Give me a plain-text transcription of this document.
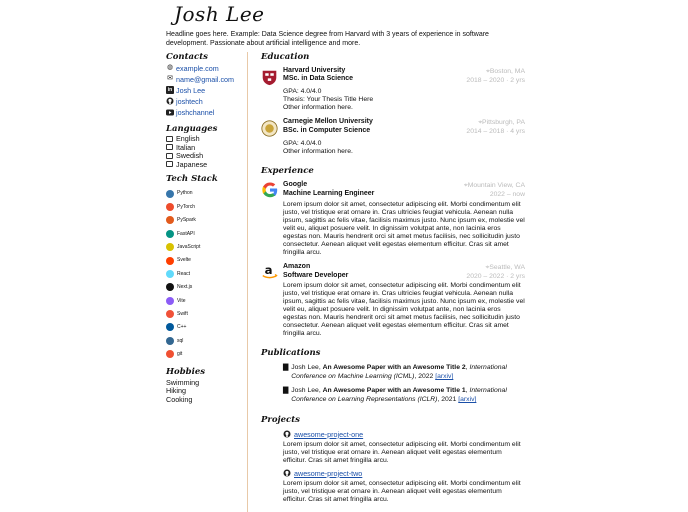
Josh Lee
Headline goes here. Example: Data Science degree from Harvard with 3 years of experience in software development. Passionate about artificial intelligence and more.
Contacts
◍ example.com
✉ name@gmail.com
in Josh Lee
joshtech
joshchannel
Languages
English
Italian
Swedish
Japanese
Tech Stack
Python
PyTorch
PySpark
FastAPI
JavaScript
Svelte
React
Next.js
Vite
Swift
C++
sql
git
Hobbies
Swimming
Hiking
Cooking
Education
Harvard University
MSc. in Data Science
⌖Boston, MA
2018 – 2020 · 2 yrs
GPA: 4.0/4.0
Thesis: Your Thesis Title Here
Other information here.
Carnegie Mellon University
BSc. in Computer Science
⌖Pittsburgh, PA
2014 – 2018 · 4 yrs
GPA: 4.0/4.0
Other information here.
Experience
Google
Machine Learning Engineer
⌖Mountain View, CA
2022 – now
Lorem ipsum dolor sit amet, consectetur adipiscing elit. Morbi condimentum elit justo, vel tristique erat ornare in. Cras ultricies feugiat vehicula. Aenean nulla ipsum, sagittis ac felis vitae, facilisis maximus justo. Nunc ipsum ex, molestie vel velit eu, aliquet posuere velit. In dignissim volutpat ante, non lacinia eros egestas non. Mauris hendrerit orci sit amet metus facilisis, nec sollicitudin justo consectetur. Aenean aliquet velit egestas elementum efficitur. Cras sit amet fringilla arcu.
a Amazon
Software Developer
⌖Seattle, WA
2020 – 2022 · 2 yrs
Lorem ipsum dolor sit amet, consectetur adipiscing elit. Morbi condimentum elit justo, vel tristique erat ornare in. Cras ultricies feugiat vehicula. Aenean nulla ipsum, sagittis ac felis vitae, facilisis maximus justo. Nunc ipsum ex, molestie vel velit eu, aliquet posuere velit. In dignissim volutpat ante, non lacinia eros egestas non. Mauris hendrerit orci sit amet metus facilisis, nec sollicitudin justo consectetur. Aenean aliquet velit egestas elementum efficitur. Cras sit amet fringilla arcu.
Publications
▇ Josh Lee, An Awesome Paper with an Awesome Title 2, International Conference on Machine Learning (ICML), 2022 [arxiv]
▇ Josh Lee, An Awesome Paper with an Awesome Title 1, International Conference on Learning Representations (ICLR), 2021 [arxiv]
Projects
awesome-project-one
Lorem ipsum dolor sit amet, consectetur adipiscing elit. Morbi condimentum elit justo, vel tristique erat ornare in. Aenean aliquet velit egestas elementum efficitur. Cras sit amet fringilla arcu.
awesome-project-two
Lorem ipsum dolor sit amet, consectetur adipiscing elit. Morbi condimentum elit justo, vel tristique erat ornare in. Aenean aliquet velit egestas elementum efficitur. Cras sit amet fringilla arcu.
